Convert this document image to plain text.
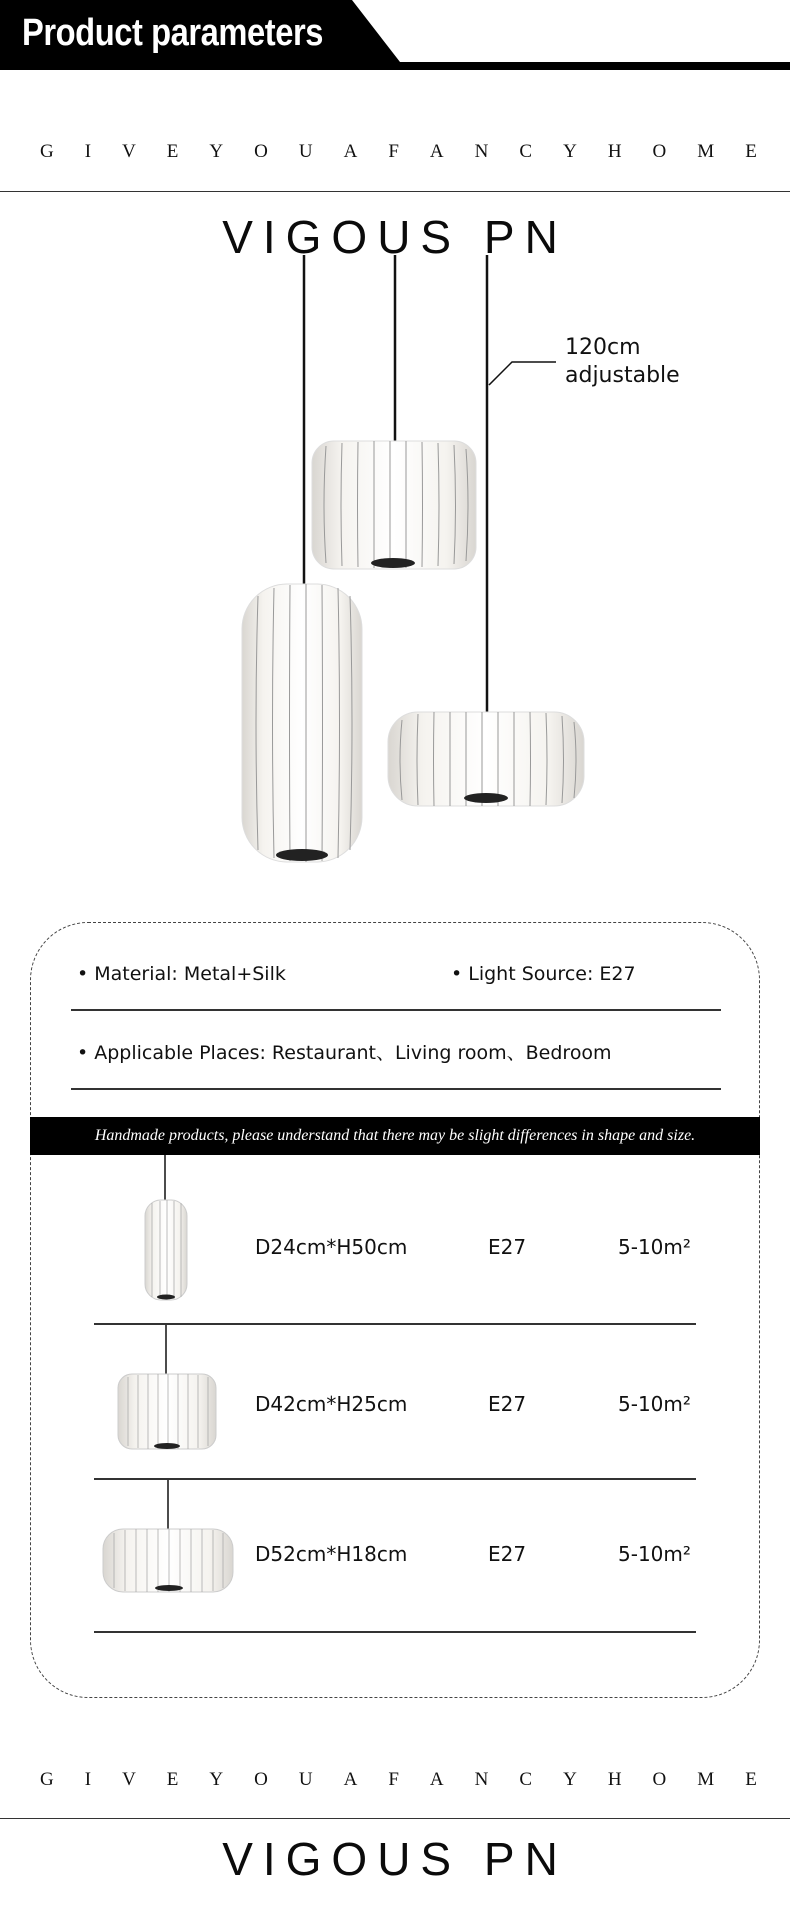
Product parameters
G I V E Y O U A F A N C Y H O M E
VIGOUS PN
120cm
adjustable
• Material: Metal+Silk	• Light Source: E27
• Applicable Places: Restaurant、Living room、Bedroom
Handmade products, please understand that there may be slight differences in shape and size.
D24cm*H50cm	E27	5-10m²
D42cm*H25cm	E27	5-10m²
D52cm*H18cm	E27	5-10m²
G I V E Y O U A F A N C Y H O M E
VIGOUS PN
